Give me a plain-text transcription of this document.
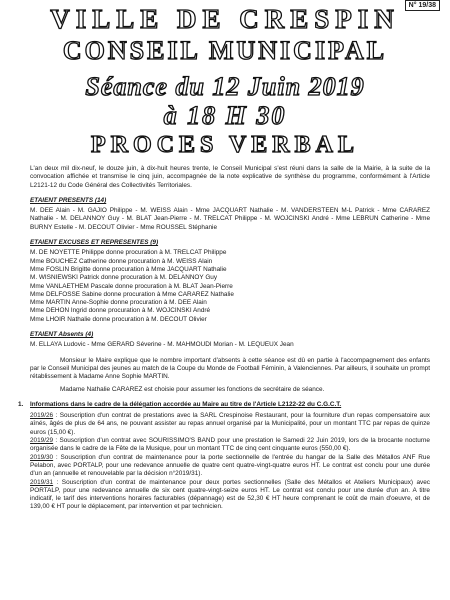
N° 19/38
VILLE DE CRESPIN
CONSEIL MUNICIPAL
Séance du 12 Juin 2019
à 18 H 30
PROCES VERBAL

L'an deux mil dix-neuf, le douze juin, à dix-huit heures trente, le Conseil Municipal s'est réuni dans la salle de la Mairie, à la suite de la convocation affichée et transmise le cinq juin, accompagnée de la note explicative de synthèse du programme, conformément à l'Article L2121-12 du Code Général des Collectivités Territoriales.

ETAIENT PRESENTS (14)

M. DEE Alain - M. GAJIO Philippe - M. WEISS Alain - Mme JACQUART Nathalie - M. VANDERSTEEN M-L Patrick - Mme CARAREZ Nathalie - M. DELANNOY Guy - M. BLAT Jean-Pierre - M. TRELCAT Philippe - M. WOJCINSKI André - Mme LEBRUN Catherine - Mme BURNY Estelle - M. DECOUT Olivier - Mme ROUSSEL Stéphanie

ETAIENT EXCUSES ET REPRESENTES (9)
M. DE NOYETTE Philippe donne procuration à M. TRELCAT Philippe
Mme BOUCHEZ Catherine donne procuration à M. WEISS Alain
Mme FOSLIN Brigitte donne procuration à Mme JACQUART Nathalie
M. WISNIEWSKI Patrick donne procuration à M. DELANNOY Guy
Mme VANLAETHEM Pascale donne procuration à M. BLAT Jean-Pierre
Mme DELFOSSE Sabine donne procuration à Mme CARAREZ Nathalie
Mme MARTIN Anne-Sophie donne procuration à M. DEE Alain
Mme DEHON Ingrid donne procuration à M. WOJCINSKI André
Mme LHOIR Nathalie donne procuration à M. DECOUT Olivier
ETAIENT Absents (4)

M. ELLAYA Ludovic - Mme GERARD Séverine - M. MAHMOUDI Morian - M. LEQUEUX Jean

Monsieur le Maire explique que le nombre important d'absents à cette séance est dû en partie à l'accompagnement des enfants par le Conseil Municipal des jeunes au match de la Coupe du Monde de Football Féminin, à Valenciennes. Par ailleurs, il souhaite un prompt rétablissement à Madame Anne Sophie MARTIN.

Madame Nathalie CARAREZ est choisie pour assumer les fonctions de secrétaire de séance.

1. Informations dans le cadre de la délégation accordée au Maire au titre de l'Article L2122-22 du C.G.C.T.

2019/26 : Souscription d'un contrat de prestations avec la SARL Crespinoise Restaurant, pour la fourniture d'un repas compensatoire aux aînés, âgés de plus de 64 ans, ne pouvant assister au repas annuel organisé par la Municipalité, pour un montant TTC par repas de quinze euros (15,00 €).

2019/29 : Souscription d'un contrat avec SOURISSIMO'S BAND pour une prestation le Samedi 22 Juin 2019, lors de la brocante nocturne organisée dans le cadre de la Fête de la Musique, pour un montant TTC de cinq cent cinquante euros (550,00 €).

2019/30 : Souscription d'un contrat de maintenance pour la porte sectionnelle de l'entrée du hangar de la Salle des Métallos ANF Rue Pelabon, avec PORTALP, pour une redevance annuelle de quatre cent quatre-vingt-quatre euros HT. Le contrat est conclu pour une durée d'un an (annuelle et renouvelable par la décision n°2019/31).

2019/31 : Souscription d'un contrat de maintenance pour deux portes sectionnelles (Salle des Métallos et Ateliers Municipaux) avec PORTALP, pour une redevance annuelle de six cent quatre-vingt-seize euros HT. Le contrat est conclu pour une durée d'un an. A titre indicatif, le tarif des interventions horaires facturables (dépannage) est de 52,30 € HT heure comprenant le coût de main d'oeuvre, et de 139,00 € HT pour le déplacement, par intervention et par technicien.
